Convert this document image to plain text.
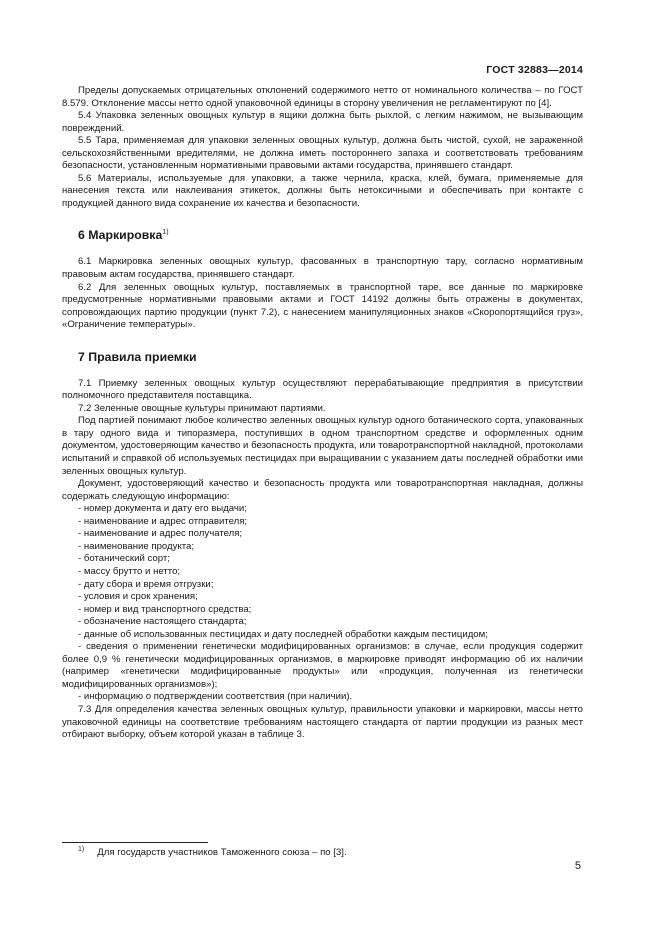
ГОСТ 32883—2014
Пределы допускаемых отрицательных отклонений содержимого нетто от номинального количества – по ГОСТ 8.579. Отклонение массы нетто одной упаковочной единицы в сторону увеличения не регламентируют по [4].
5.4 Упаковка зеленных овощных культур в ящики должна быть рыхлой, с легким нажимом, не вызывающим повреждений.
5.5 Тара, применяемая для упаковки зеленных овощных культур, должна быть чистой, сухой, не зараженной сельскохозяйственными вредителями, не должна иметь постороннего запаха и соответствовать требованиям безопасности, установленным нормативными правовыми актами государства, принявшего стандарт.
5.6 Материалы, используемые для упаковки, а также чернила, краска, клей, бумага, применяемые для нанесения текста или наклеивания этикеток, должны быть нетоксичными и обеспечивать при контакте с продукцией данного вида сохранение их качества и безопасности.
6 Маркировка$^{1)}$
6.1 Маркировка зеленных овощных культур, фасованных в транспортную тару, согласно нормативным правовым актам государства, принявшего стандарт.
6.2 Для зеленных овощных культур, поставляемых в транспортной таре, все данные по маркировке предусмотренные нормативными правовыми актами и ГОСТ 14192 должны быть отражены в документах, сопровождающих партию продукции (пункт 7.2), с нанесением манипуляционных знаков «Скоропортящийся груз», «Ограничение температуры».
7 Правила приемки
7.1 Приемку зеленных овощных культур осуществляют перерабатывающие предприятия в присутствии полномочного представителя поставщика.
7.2 Зеленные овощные культуры принимают партиями.
Под партией понимают любое количество зеленных овощных культур одного ботанического сорта, упакованных в тару одного вида и типоразмера, поступивших в одном транспортном средстве и оформленных одним документом, удостоверяющим качество и безопасность продукта, или товаротранспортной накладной, протоколами испытаний и справкой об используемых пестицидах при выращивании с указанием даты последней обработки ими зеленных овощных культур.
Документ, удостоверяющий качество и безопасность продукта или товаротранспортная накладная, должны содержать следующую информацию:
- номер документа и дату его выдачи;
- наименование и адрес отправителя;
- наименование и адрес получателя;
- наименование продукта;
- ботанический сорт;
- массу брутто и нетто;
- дату сбора и время отгрузки;
- условия и срок хранения;
- номер и вид транспортного средства;
- обозначение настоящего стандарта;
- данные об использованных пестицидах и дату последней обработки каждым пестицидом;
- сведения о применении генетически модифицированных организмов: в случае, если продукция содержит более 0,9 % генетически модифицированных организмов, в маркировке приводят информацию об их наличии (например «генетически модифицированные продукты» или «продукция, полученная из генетически модифицированных организмов»);
- информацию о подтверждении соответствия (при наличии).
7.3 Для определения качества зеленных овощных культур, правильности упаковки и маркировки, массы нетто упаковочной единицы на соответствие требованиям настоящего стандарта от партии продукции из разных мест отбирают выборку, объем которой указан в таблице 3.
$^{1)}$ Для государств участников Таможенного союза – по [3].
5
